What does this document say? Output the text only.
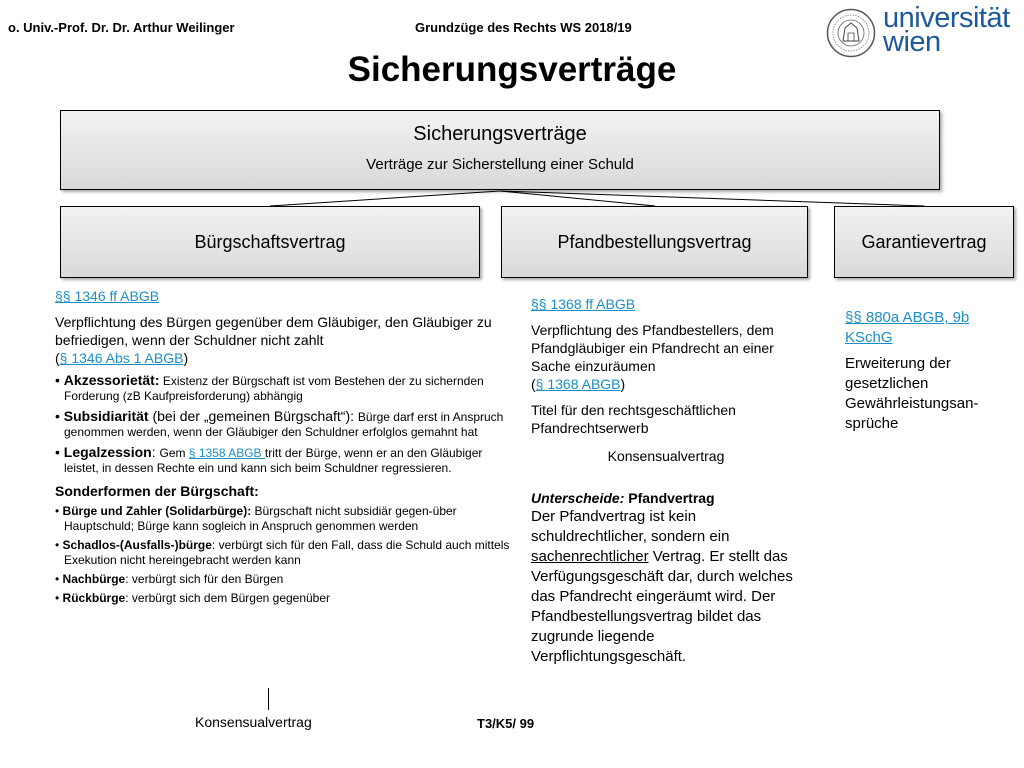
o. Univ.-Prof. Dr. Dr. Arthur Weilinger	Grundzüge des Rechts WS 2018/19	universität
wien
Sicherungsverträge
Sicherungsverträge
Verträge zur Sicherstellung einer Schuld
Bürgschaftsvertrag	Pfandbestellungsvertrag	Garantievertrag
§§ 1346 ff ABGB
Verpflichtung des Bürgen gegenüber dem Gläubiger, den Gläubiger zu befriedigen, wenn der Schuldner nicht zahlt
(§ 1346 Abs 1 ABGB)
• Akzessorietät: Existenz der Bürgschaft ist vom Bestehen der zu sichernden Forderung (zB Kaufpreisforderung) abhängig
• Subsidiarität (bei der „gemeinen Bürgschaft“): Bürge darf erst in Anspruch genommen werden, wenn der Gläubiger den Schuldner erfolglos gemahnt hat
• Legalzession: Gem § 1358 ABGB tritt der Bürge, wenn er an den Gläubiger leistet, in dessen Rechte ein und kann sich beim Schuldner regressieren.
Sonderformen der Bürgschaft:
• Bürge und Zahler (Solidarbürge): Bürgschaft nicht subsidiär gegen-über Hauptschuld; Bürge kann sogleich in Anspruch genommen werden
• Schadlos-(Ausfalls-)bürge: verbürgt sich für den Fall, dass die Schuld auch mittels Exekution nicht hereingebracht werden kann
• Nachbürge: verbürgt sich für den Bürgen
• Rückbürge: verbürgt sich dem Bürgen gegenüber
Konsensualvertrag
§§ 1368 ff ABGB
Verpflichtung des Pfandbestellers, dem Pfandgläubiger ein Pfandrecht an einer Sache einzuräumen
(§ 1368 ABGB)
Titel für den rechtsgeschäftlichen Pfandrechtserwerb
Konsensualvertrag
Unterscheide: Pfandvertrag
Der Pfandvertrag ist kein schuldrechtlicher, sondern ein sachenrechtlicher Vertrag. Er stellt das Verfügungsgeschäft dar, durch welches das Pfandrecht eingeräumt wird. Der Pfandbestellungsvertrag bildet das zugrunde liegende Verpflichtungsgeschäft.
§§ 880a ABGB, 9b KSchG
Erweiterung der gesetzlichen Gewährleistungsan-sprüche
T3/K5/ 99
